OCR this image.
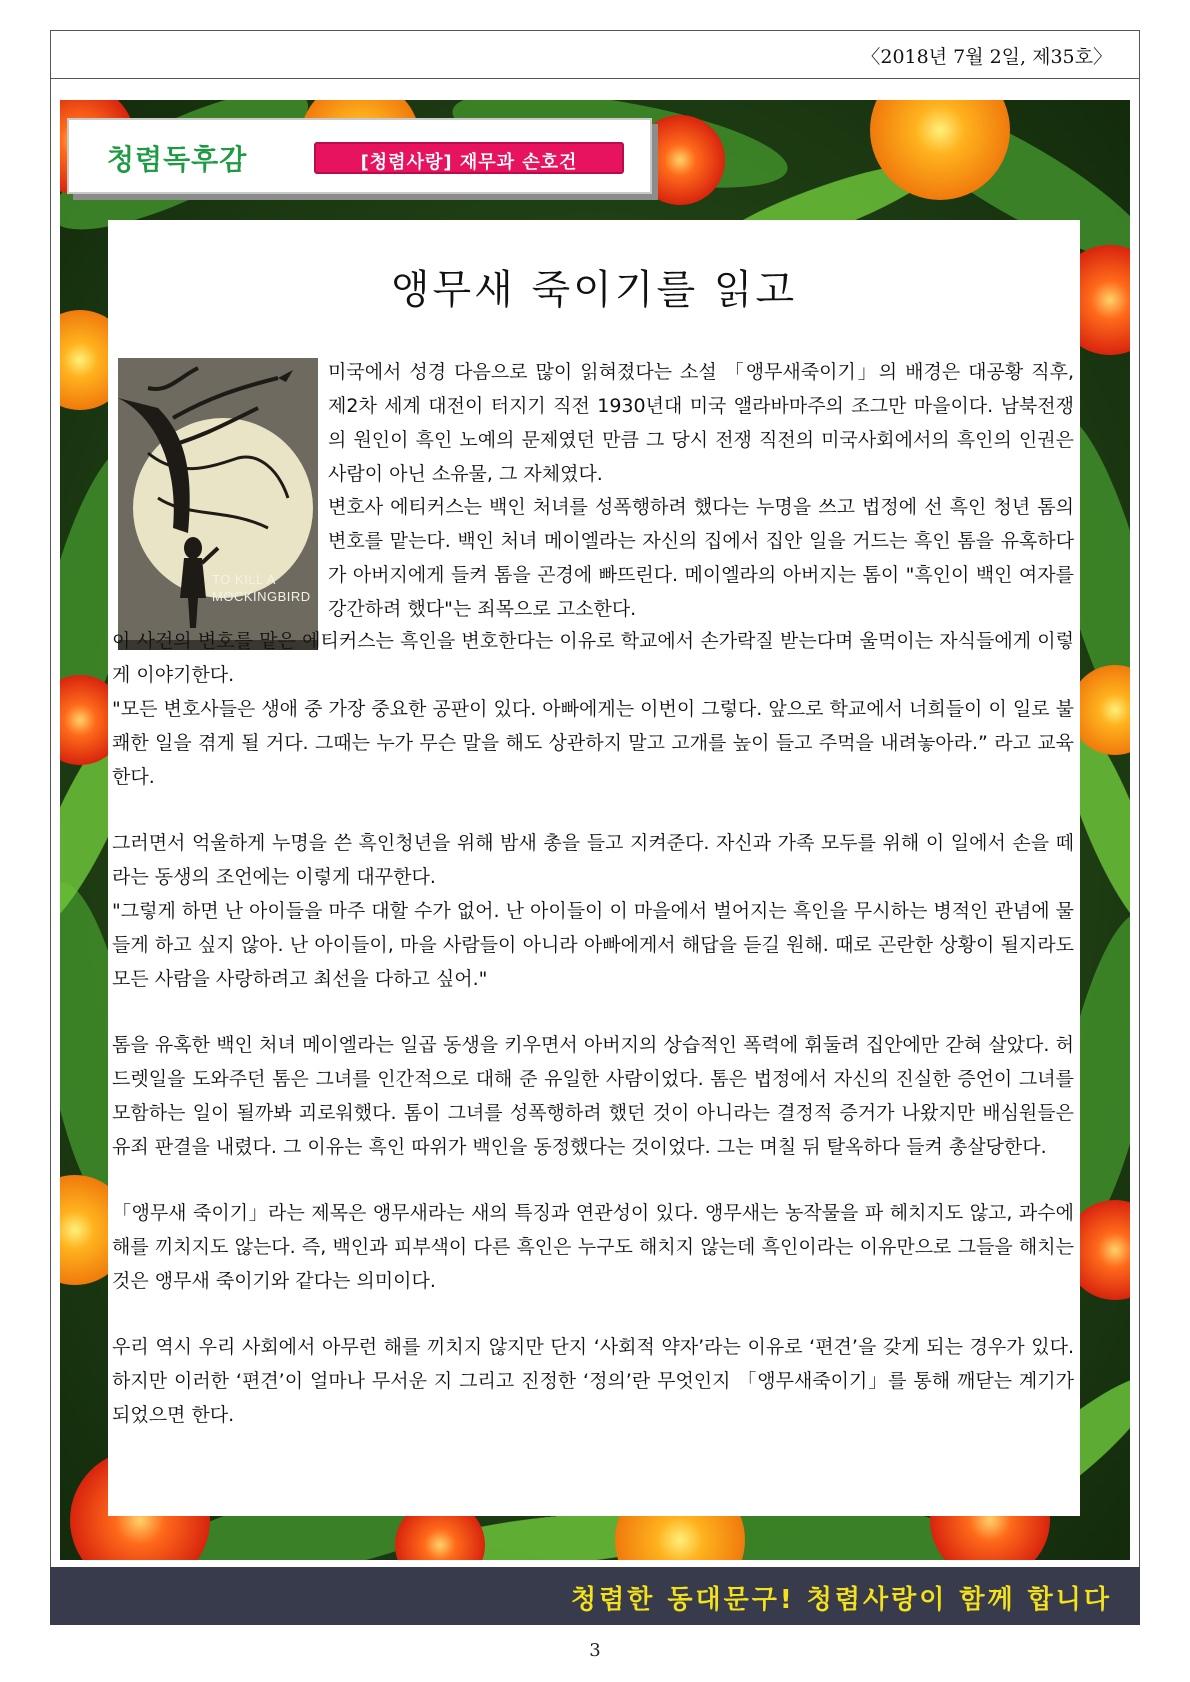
〈2018년 7월 2일, 제35호〉
청렴독후감	[청렴사랑] 재무과 손호건
앵무새 죽이기를 읽고
TO KILL A
MOCKINGBIRD
미국에서 성경 다음으로 많이 읽혀졌다는 소설 「앵무새죽이기」의 배경은 대공황 직후, 제2차 세계 대전이 터지기 직전 1930년대 미국 앨라바마주의 조그만 마을이다. 남북전쟁의 원인이 흑인 노예의 문제였던 만큼 그 당시 전쟁 직전의 미국사회에서의 흑인의 인권은 사람이 아닌 소유물, 그 자체였다.
변호사 에티커스는 백인 처녀를 성폭행하려 했다는 누명을 쓰고 법정에 선 흑인 청년 톰의 변호를 맡는다. 백인 처녀 메이엘라는 자신의 집에서 집안 일을 거드는 흑인 톰을 유혹하다가 아버지에게 들켜 톰을 곤경에 빠뜨린다. 메이엘라의 아버지는 톰이 "흑인이 백인 여자를 강간하려 했다"는 죄목으로 고소한다.
이 사건의 변호를 맡은 에티커스는 흑인을 변호한다는 이유로 학교에서 손가락질 받는다며 울먹이는 자식들에게 이렇게 이야기한다.
"모든 변호사들은 생애 중 가장 중요한 공판이 있다. 아빠에게는 이번이 그렇다. 앞으로 학교에서 너희들이 이 일로 불쾌한 일을 겪게 될 거다. 그때는 누가 무슨 말을 해도 상관하지 말고 고개를 높이 들고 주먹을 내려놓아라.” 라고 교육한다.
그러면서 억울하게 누명을 쓴 흑인청년을 위해 밤새 총을 들고 지켜준다. 자신과 가족 모두를 위해 이 일에서 손을 떼라는 동생의 조언에는 이렇게 대꾸한다.
"그렇게 하면 난 아이들을 마주 대할 수가 없어. 난 아이들이 이 마을에서 벌어지는 흑인을 무시하는 병적인 관념에 물들게 하고 싶지 않아. 난 아이들이, 마을 사람들이 아니라 아빠에게서 해답을 듣길 원해. 때로 곤란한 상황이 될지라도 모든 사람을 사랑하려고 최선을 다하고 싶어."
톰을 유혹한 백인 처녀 메이엘라는 일곱 동생을 키우면서 아버지의 상습적인 폭력에 휘둘려 집안에만 갇혀 살았다. 허드렛일을 도와주던 톰은 그녀를 인간적으로 대해 준 유일한 사람이었다. 톰은 법정에서 자신의 진실한 증언이 그녀를 모함하는 일이 될까봐 괴로워했다. 톰이 그녀를 성폭행하려 했던 것이 아니라는 결정적 증거가 나왔지만 배심원들은 유죄 판결을 내렸다. 그 이유는 흑인 따위가 백인을 동정했다는 것이었다. 그는 며칠 뒤 탈옥하다 들켜 총살당한다.
「앵무새 죽이기」라는 제목은 앵무새라는 새의 특징과 연관성이 있다. 앵무새는 농작물을 파 헤치지도 않고, 과수에 해를 끼치지도 않는다. 즉, 백인과 피부색이 다른 흑인은 누구도 해치지 않는데 흑인이라는 이유만으로 그들을 해치는 것은 앵무새 죽이기와 같다는 의미이다.
우리 역시 우리 사회에서 아무런 해를 끼치지 않지만 단지 ‘사회적 약자’라는 이유로 ‘편견’을 갖게 되는 경우가 있다. 하지만 이러한 ‘편견’이 얼마나 무서운 지 그리고 진정한 ‘정의’란 무엇인지 「앵무새죽이기」를 통해 깨닫는 계기가 되었으면 한다.
청렴한 동대문구! 청렴사랑이 함께 합니다
3
